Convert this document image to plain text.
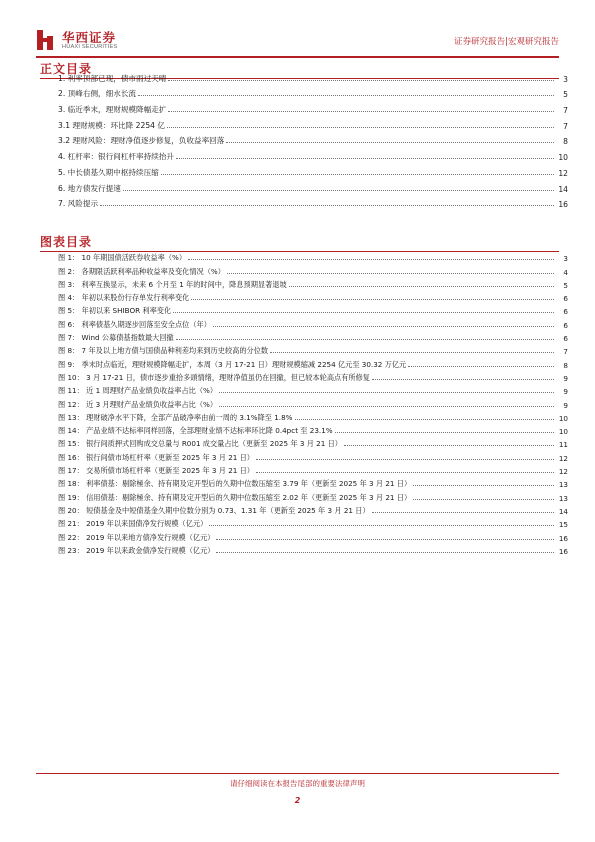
华西证券
HUAXI SECURITIES	证券研究报告|宏观研究报告
正文目录
1. 利率顶部已现，债市雨过天晴	3
2. 顶峰右侧，细水长流	5
3. 临近季末，理财规模降幅走扩	7
3.1 理财规模：环比降 2254 亿	7
3.2 理财风险：理财净值逐步修复，负收益率回落	8
4. 杠杆率：银行间杠杆率持续抬升	10
5. 中长债基久期中枢持续压缩	12
6. 地方债发行提速	14
7. 风险提示	16
图表目录
图 1： 10 年期国债活跃券收益率（%）	3
图 2： 各期限活跃利率品种收益率及变化情况（%）	4
图 3： 利率互换显示，未来 6 个月至 1 年的时间中，降息预期显著退坡	5
图 4： 年初以来股份行存单发行利率变化	6
图 5： 年初以来 SHIBOR 利率变化	6
图 6： 利率债基久期逐步回落至安全点位（年）	6
图 7： Wind 公募债基指数最大回撤	6
图 8： 7 年及以上地方债与国债品种利差均来到历史较高的分位数	7
图 9： 季末时点临近，理财规模降幅走扩，本周（3 月 17-21 日）理财规模缩减 2254 亿元至 30.32 万亿元	8
图 10： 3 月 17-21 日，债市逐步重拾多頭情绪，理财净值虽仍在回撤，但已较本轮高点有所修复	9
图 11： 近 1 周理财产品业绩负收益率占比（%）	9
图 12： 近 3 月理财产品业绩负收益率占比（%）	9
图 13： 理财破净水平下降，全部产品破净率由前一周的 3.1%降至 1.8%	10
图 14： 产品业绩不达标率同样回落，全部理财业绩不达标率环比降 0.4pct 至 23.1%	10
图 15： 银行间质押式回购成交总量与 R001 成交量占比（更新至 2025 年 3 月 21 日）	11
图 16： 银行间债市场杠杆率（更新至 2025 年 3 月 21 日）	12
图 17： 交易所债市场杠杆率（更新至 2025 年 3 月 21 日）	12
图 18： 利率债基：剔除極余、持有期及定开型后的久期中位数压缩至 3.79 年（更新至 2025 年 3 月 21 日）	13
图 19： 信用债基：剔除極余、持有期及定开型后的久期中位数压缩至 2.02 年（更新至 2025 年 3 月 21 日）	13
图 20： 短债基金及中短债基金久期中位数分别为 0.73、1.31 年（更新至 2025 年 3 月 21 日）	14
图 21： 2019 年以来国债净发行规模（亿元）	15
图 22： 2019 年以来地方债净发行规模（亿元）	16
图 23： 2019 年以来政金债净发行规模（亿元）	16
请仔细阅读在本报告尾部的重要法律声明
2
